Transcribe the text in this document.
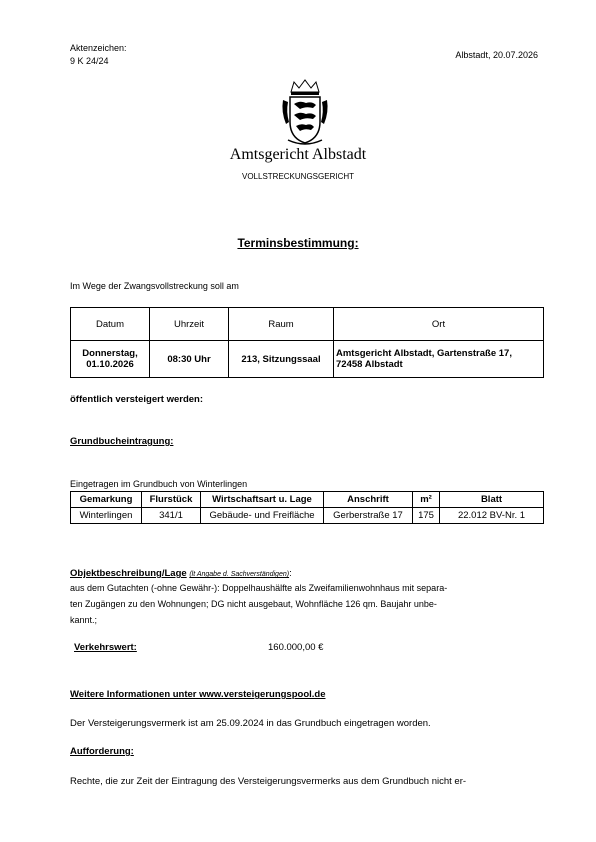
Aktenzeichen:
9 K 24/24
Albstadt, 20.07.2026
Amtsgericht Albstadt
VOLLSTRECKUNGSGERICHT
Terminsbestimmung:
Im Wege der Zwangsvollstreckung soll am
Datum	Uhrzeit	Raum	Ort
Donnerstag, 01.10.2026	08:30 Uhr	213, Sitzungssaal	Amtsgericht Albstadt, Gartenstraße 17, 72458 Albstadt
öffentlich versteigert werden:
Grundbucheintragung:
Eingetragen im Grundbuch von Winterlingen
Gemarkung	Flurstück	Wirtschaftsart u. Lage	Anschrift	m²	Blatt
Winterlingen	341/1	Gebäude- und Freifläche	Gerberstraße 17	175	22.012 BV-Nr. 1
Objektbeschreibung/Lage (lt Angabe d. Sachverständigen):
aus dem Gutachten (-ohne Gewähr-): Doppelhaushälfte als Zweifamilienwohnhaus mit separa-
ten Zugängen zu den Wohnungen; DG nicht ausgebaut, Wohnfläche 126 qm. Baujahr unbe-
kannt.;
Verkehrswert:	160.000,00 €
Weitere Informationen unter www.versteigerungspool.de
Der Versteigerungsvermerk ist am 25.09.2024 in das Grundbuch eingetragen worden.
Aufforderung:
Rechte, die zur Zeit der Eintragung des Versteigerungsvermerks aus dem Grundbuch nicht er-
